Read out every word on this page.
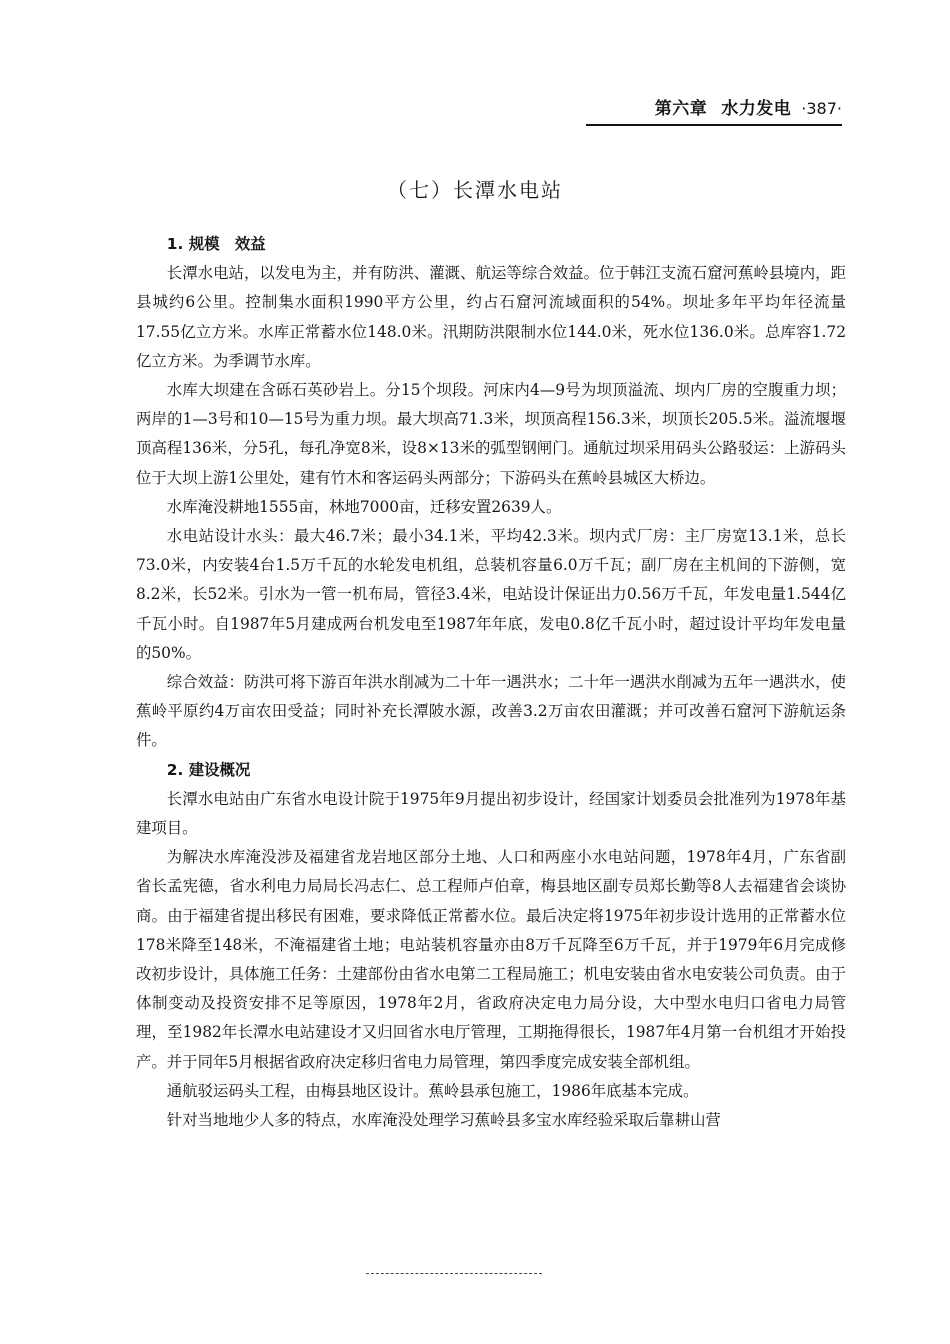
第六章 水力发电 ·387·
（七）长潭水电站
1. 规模　效益

长潭水电站，以发电为主，并有防洪、灌溉、航运等综合效益。位于韩江支流石窟河蕉岭县境内，距县城约6公里。控制集水面积1990平方公里，约占石窟河流域面积的54%。坝址多年平均年径流量17.55亿立方米。水库正常蓄水位148.0米。汛期防洪限制水位144.0米，死水位136.0米。总库容1.72亿立方米。为季调节水库。

水库大坝建在含砾石英砂岩上。分15个坝段。河床内4—9号为坝顶溢流、坝内厂房的空腹重力坝；两岸的1—3号和10—15号为重力坝。最大坝高71.3米，坝顶高程156.3米，坝顶长205.5米。溢流堰堰顶高程136米，分5孔，每孔净宽8米，设8×13米的弧型钢闸门。通航过坝采用码头公路驳运：上游码头位于大坝上游1公里处，建有竹木和客运码头两部分；下游码头在蕉岭县城区大桥边。

水库淹没耕地1555亩，林地7000亩，迁移安置2639人。

水电站设计水头：最大46.7米；最小34.1米，平均42.3米。坝内式厂房：主厂房宽13.1米，总长73.0米，内安装4台1.5万千瓦的水轮发电机组，总装机容量6.0万千瓦；副厂房在主机间的下游侧，宽8.2米，长52米。引水为一管一机布局，管径3.4米，电站设计保证出力0.56万千瓦，年发电量1.544亿千瓦小时。自1987年5月建成两台机发电至1987年年底，发电0.8亿千瓦小时，超过设计平均年发电量的50%。

综合效益：防洪可将下游百年洪水削减为二十年一遇洪水；二十年一遇洪水削减为五年一遇洪水，使蕉岭平原约4万亩农田受益；同时补充长潭陂水源，改善3.2万亩农田灌溉；并可改善石窟河下游航运条件。

2. 建设概况

长潭水电站由广东省水电设计院于1975年9月提出初步设计，经国家计划委员会批准列为1978年基建项目。

为解决水库淹没涉及福建省龙岩地区部分土地、人口和两座小水电站问题，1978年4月，广东省副省长孟宪德，省水利电力局局长冯志仁、总工程师卢伯章，梅县地区副专员郑长勤等8人去福建省会谈协商。由于福建省提出移民有困难，要求降低正常蓄水位。最后决定将1975年初步设计选用的正常蓄水位178米降至148米，不淹福建省土地；电站装机容量亦由8万千瓦降至6万千瓦，并于1979年6月完成修改初步设计，具体施工任务：土建部份由省水电第二工程局施工；机电安装由省水电安装公司负责。由于体制变动及投资安排不足等原因，1978年2月，省政府决定电力局分设，大中型水电归口省电力局管理，至1982年长潭水电站建设才又归回省水电厅管理，工期拖得很长，1987年4月第一台机组才开始投产。并于同年5月根据省政府决定移归省电力局管理，第四季度完成安装全部机组。

通航驳运码头工程，由梅县地区设计。蕉岭县承包施工，1986年底基本完成。

针对当地地少人多的特点，水库淹没处理学习蕉岭县多宝水库经验采取后靠耕山营
